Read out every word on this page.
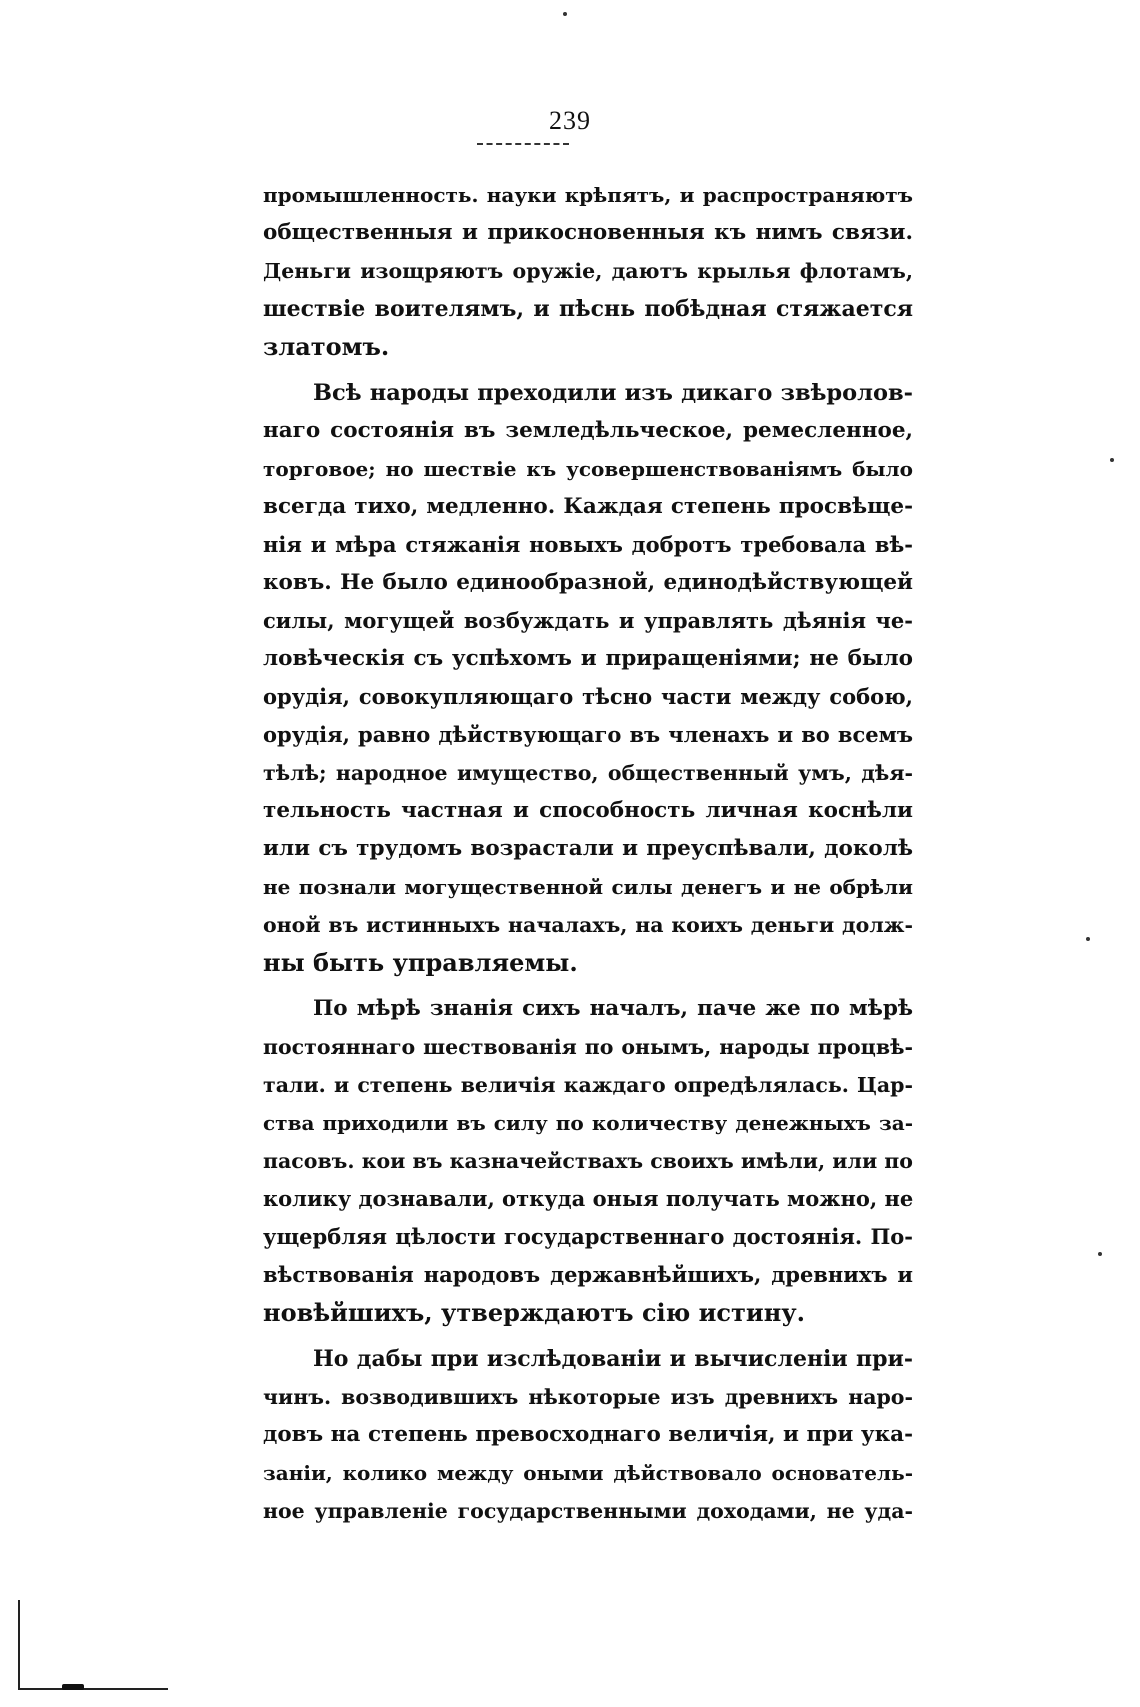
239
промышленность. науки крѣпятъ, и распространяютъ
общественныя и прикосновенныя къ нимъ связи.
Деньги изощряютъ оружіе, даютъ крылья флотамъ,
шествіе воителямъ, и пѣснь побѣдная стяжается
златомъ.
Всѣ народы преходили изъ дикаго звѣролов-
наго состоянія въ земледѣльческое, ремесленное,
торговое; но шествіе къ усовершенствованіямъ было
всегда тихо, медленно. Каждая степень просвѣще-
нія и мѣра стяжанія новыхъ добротъ требовала вѣ-
ковъ. Не было единообразной, единодѣйствующей
силы, могущей возбуждать и управлять дѣянія че-
ловѣческія съ успѣхомъ и приращеніями; не было
орудія, совокупляющаго тѣсно части между собою,
орудія, равно дѣйствующаго въ членахъ и во всемъ
тѣлѣ; народное имущество, общественный умъ, дѣя-
тельность частная и способность личная коснѣли
или съ трудомъ возрастали и преуспѣвали, доколѣ
не познали могущественной силы денегъ и не обрѣли
оной въ истинныхъ началахъ, на коихъ деньги долж-
ны быть управляемы.
По мѣрѣ знанія сихъ началъ, паче же по мѣрѣ
постояннаго шествованія по онымъ, народы процвѣ-
тали. и степень величія каждаго опредѣлялась. Цар-
ства приходили въ силу по количеству денежныхъ за-
пасовъ. кои въ казначействахъ своихъ имѣли, или по
колику дознавали, откуда оныя получать можно, не
ущербляя цѣлости государственнаго достоянія. По-
вѣствованія народовъ державнѣйшихъ, древнихъ и
новѣйшихъ, утверждаютъ сію истину.
Но дабы при изслѣдованіи и вычисленіи при-
чинъ. возводившихъ нѣкоторые изъ древнихъ наро-
довъ на степень превосходнаго величія, и при ука-
заніи, колико между оными дѣйствовало основатель-
ное управленіе государственными доходами, не уда-
